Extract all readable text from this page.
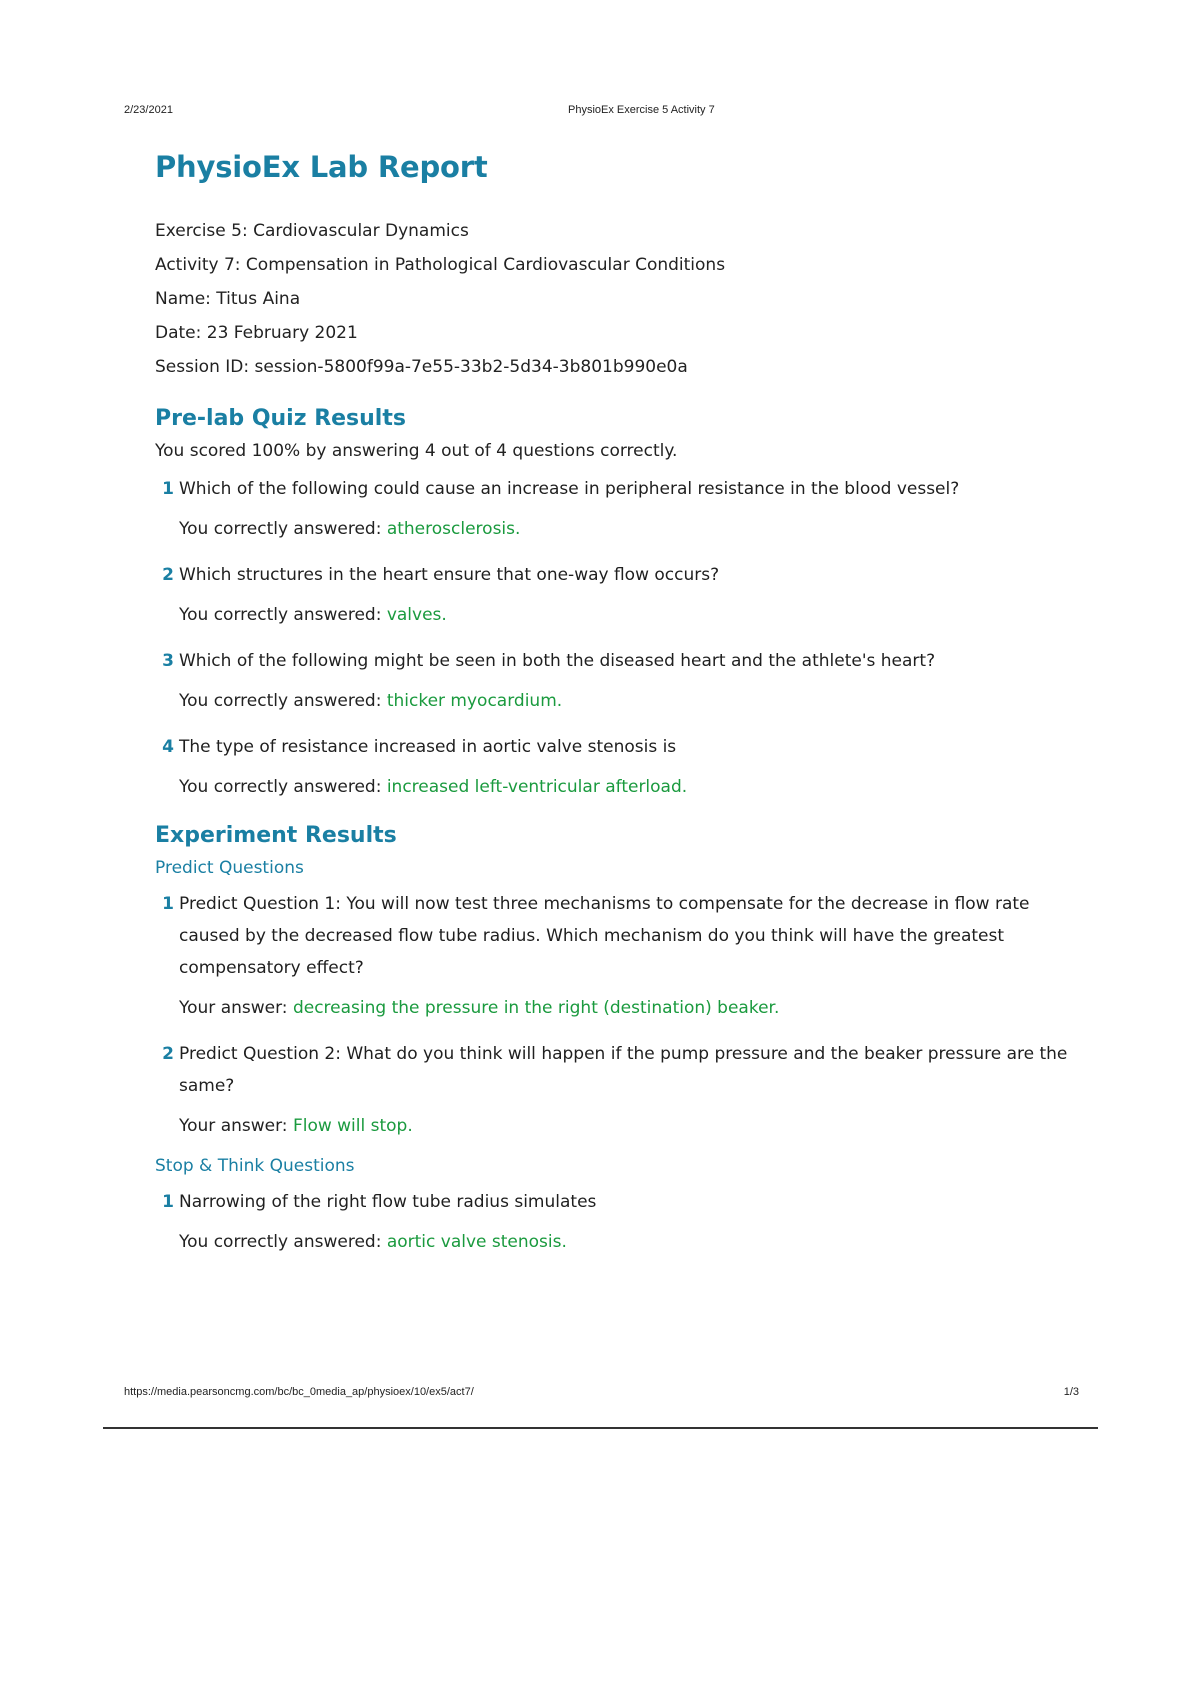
2/23/2021	PhysioEx Exercise 5 Activity 7
PhysioEx Lab Report
Exercise 5: Cardiovascular Dynamics
Activity 7: Compensation in Pathological Cardiovascular Conditions
Name: Titus Aina
Date: 23 February 2021
Session ID: session-5800f99a-7e55-33b2-5d34-3b801b990e0a
Pre-lab Quiz Results
You scored 100% by answering 4 out of 4 questions correctly.
1 Which of the following could cause an increase in peripheral resistance in the blood vessel?
You correctly answered: atherosclerosis.
2 Which structures in the heart ensure that one-way flow occurs?
You correctly answered: valves.
3 Which of the following might be seen in both the diseased heart and the athlete's heart?
You correctly answered: thicker myocardium.
4 The type of resistance increased in aortic valve stenosis is
You correctly answered: increased left-ventricular afterload.
Experiment Results
Predict Questions
1 Predict Question 1: You will now test three mechanisms to compensate for the decrease in flow rate caused by the decreased flow tube radius. Which mechanism do you think will have the greatest compensatory effect?
Your answer: decreasing the pressure in the right (destination) beaker.
2 Predict Question 2: What do you think will happen if the pump pressure and the beaker pressure are the same?
Your answer: Flow will stop.
Stop & Think Questions
1 Narrowing of the right flow tube radius simulates
You correctly answered: aortic valve stenosis.
https://media.pearsoncmg.com/bc/bc_0media_ap/physioex/10/ex5/act7/	1/3
